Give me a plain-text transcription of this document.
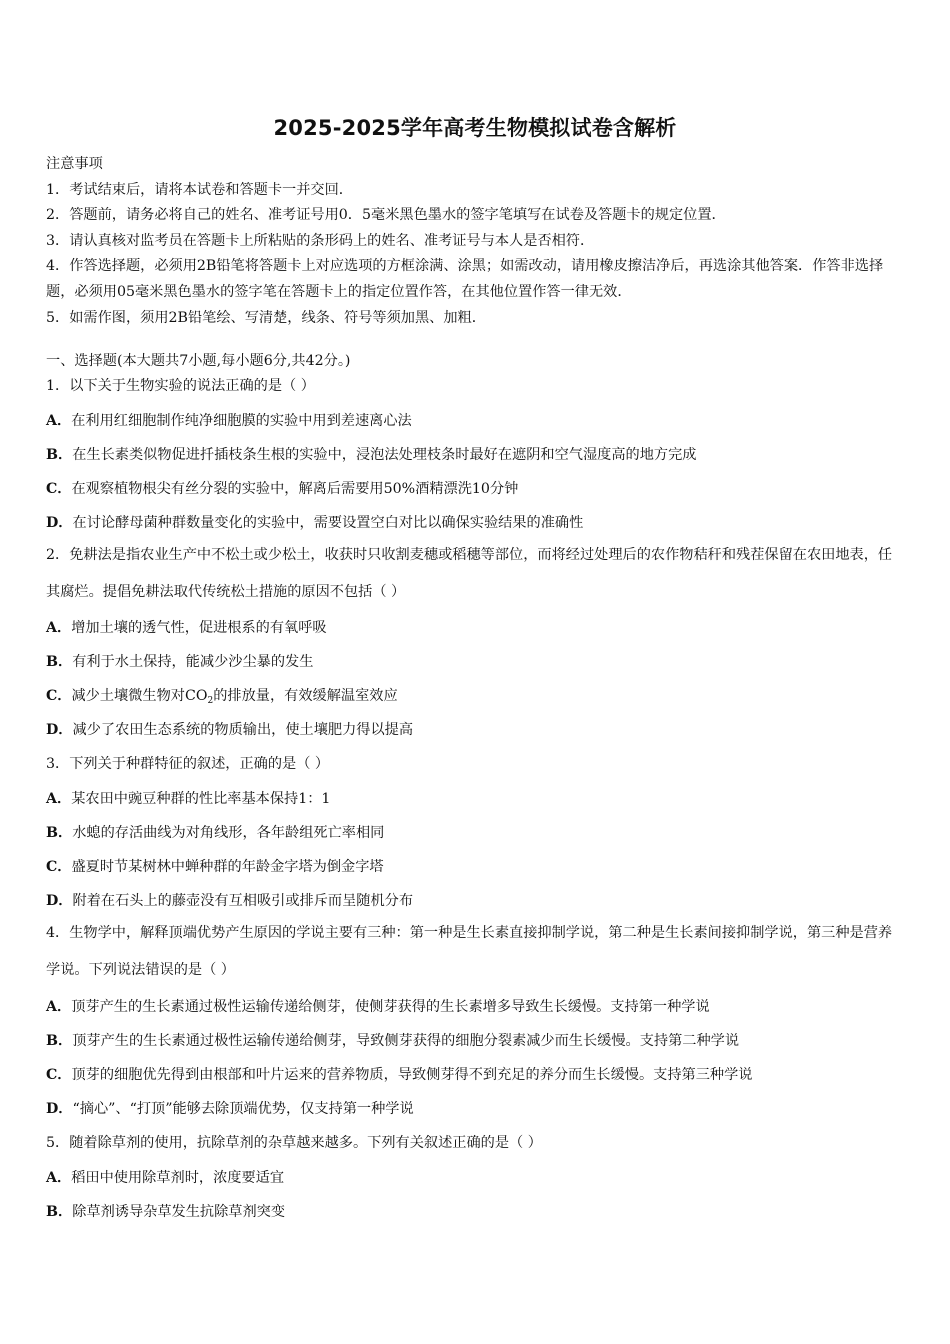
2025-2025学年高考生物模拟试卷含解析
注意事项
1．考试结束后，请将本试卷和答题卡一并交回．
2．答题前，请务必将自己的姓名、准考证号用0．5毫米黑色墨水的签字笔填写在试卷及答题卡的规定位置．
3．请认真核对监考员在答题卡上所粘贴的条形码上的姓名、准考证号与本人是否相符．
4．作答选择题，必须用2B铅笔将答题卡上对应选项的方框涂满、涂黑；如需改动，请用橡皮擦洁净后，再选涂其他答案．作答非选择题，必须用05毫米黑色墨水的签字笔在答题卡上的指定位置作答，在其他位置作答一律无效．
5．如需作图，须用2B铅笔绘、写清楚，线条、符号等须加黑、加粗．
一、选择题(本大题共7小题,每小题6分,共42分。)
1．以下关于生物实验的说法正确的是（ ）
A．在利用红细胞制作纯净细胞膜的实验中用到差速离心法
B．在生长素类似物促进扦插枝条生根的实验中，浸泡法处理枝条时最好在遮阴和空气湿度高的地方完成
C．在观察植物根尖有丝分裂的实验中，解离后需要用50%酒精漂洗10分钟
D．在讨论酵母菌种群数量变化的实验中，需要设置空白对比以确保实验结果的准确性
2．免耕法是指农业生产中不松土或少松土，收获时只收割麦穗或稻穗等部位，而将经过处理后的农作物秸秆和残茬保留在农田地表，任其腐烂。提倡免耕法取代传统松土措施的原因不包括（ ）
A．增加土壤的透气性，促进根系的有氧呼吸
B．有利于水土保持，能减少沙尘暴的发生
C．减少土壤微生物对$CO_2$的排放量，有效缓解温室效应
D．减少了农田生态系统的物质输出，使土壤肥力得以提高
3．下列关于种群特征的叙述，正确的是（ ）
A．某农田中豌豆种群的性比率基本保持1：1
B．水螅的存活曲线为对角线形，各年龄组死亡率相同
C．盛夏时节某树林中蝉种群的年龄金字塔为倒金字塔
D．附着在石头上的藤壶没有互相吸引或排斥而呈随机分布
4．生物学中，解释顶端优势产生原因的学说主要有三种：第一种是生长素直接抑制学说，第二种是生长素间接抑制学说，第三种是营养学说。下列说法错误的是（ ）
A．顶芽产生的生长素通过极性运输传递给侧芽，使侧芽获得的生长素增多导致生长缓慢。支持第一种学说
B．顶芽产生的生长素通过极性运输传递给侧芽，导致侧芽获得的细胞分裂素减少而生长缓慢。支持第二种学说
C．顶芽的细胞优先得到由根部和叶片运来的营养物质，导致侧芽得不到充足的养分而生长缓慢。支持第三种学说
D．“摘心”、“打顶”能够去除顶端优势，仅支持第一种学说
5．随着除草剂的使用，抗除草剂的杂草越来越多。下列有关叙述正确的是（ ）
A．稻田中使用除草剂时，浓度要适宜
B．除草剂诱导杂草发生抗除草剂突变
